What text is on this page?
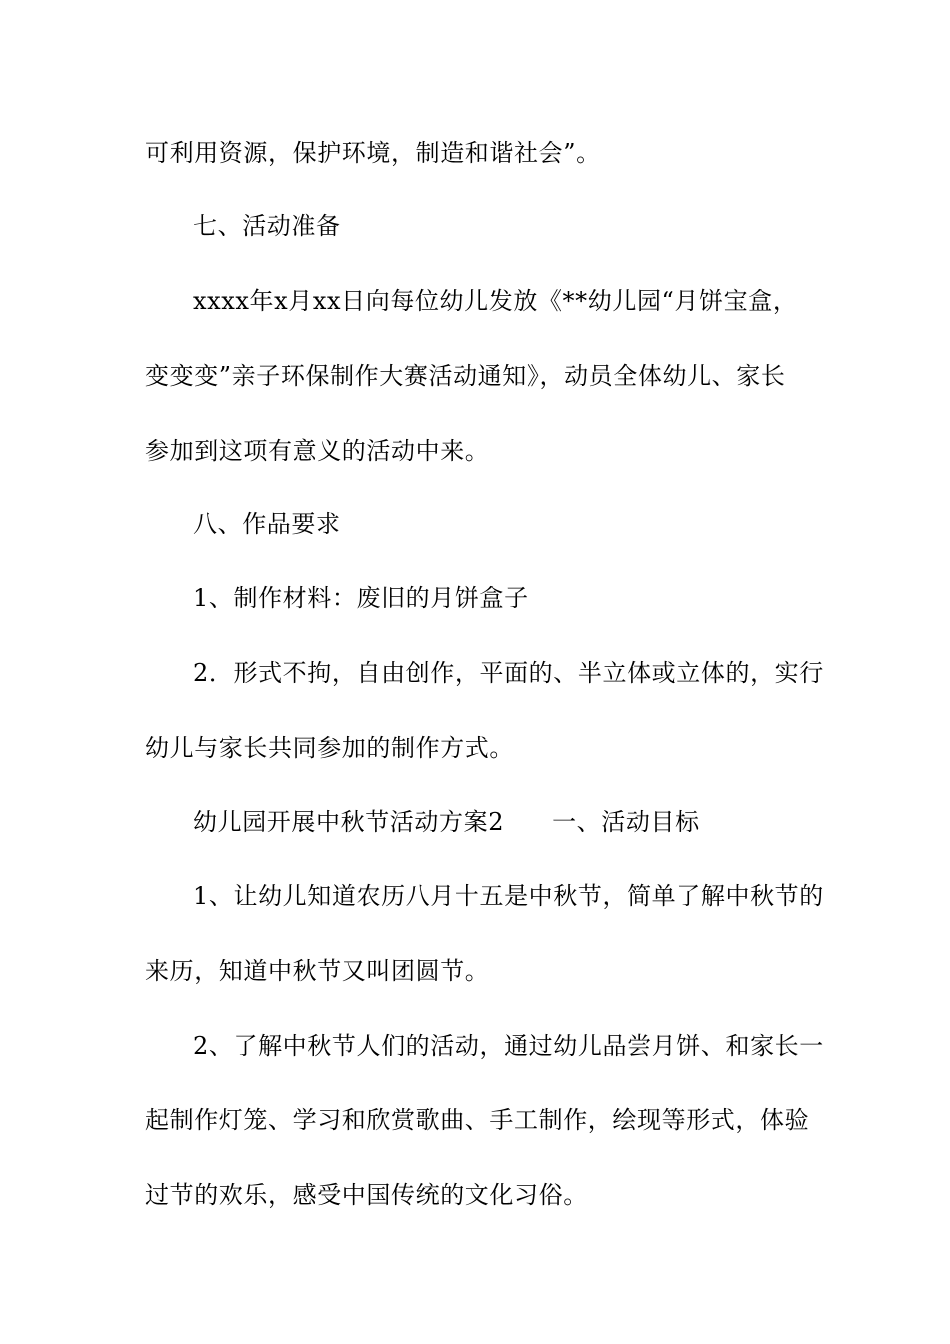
可利用资源，保护环境，制造和谐社会”。
七、活动准备
xxxx年x月xx日向每位幼儿发放《**幼儿园“月饼宝盒，
变变变”亲子环保制作大赛活动通知》，动员全体幼儿、家长
参加到这项有意义的活动中来。
八、作品要求
1、制作材料：废旧的月饼盒子
2．形式不拘，自由创作，平面的、半立体或立体的，实行
幼儿与家长共同参加的制作方式。
幼儿园开展中秋节活动方案2 一、活动目标
1、让幼儿知道农历八月十五是中秋节，简单了解中秋节的
来历，知道中秋节又叫团圆节。
2、了解中秋节人们的活动，通过幼儿品尝月饼、和家长一
起制作灯笼、学习和欣赏歌曲、手工制作，绘现等形式，体验
过节的欢乐，感受中国传统的文化习俗。
